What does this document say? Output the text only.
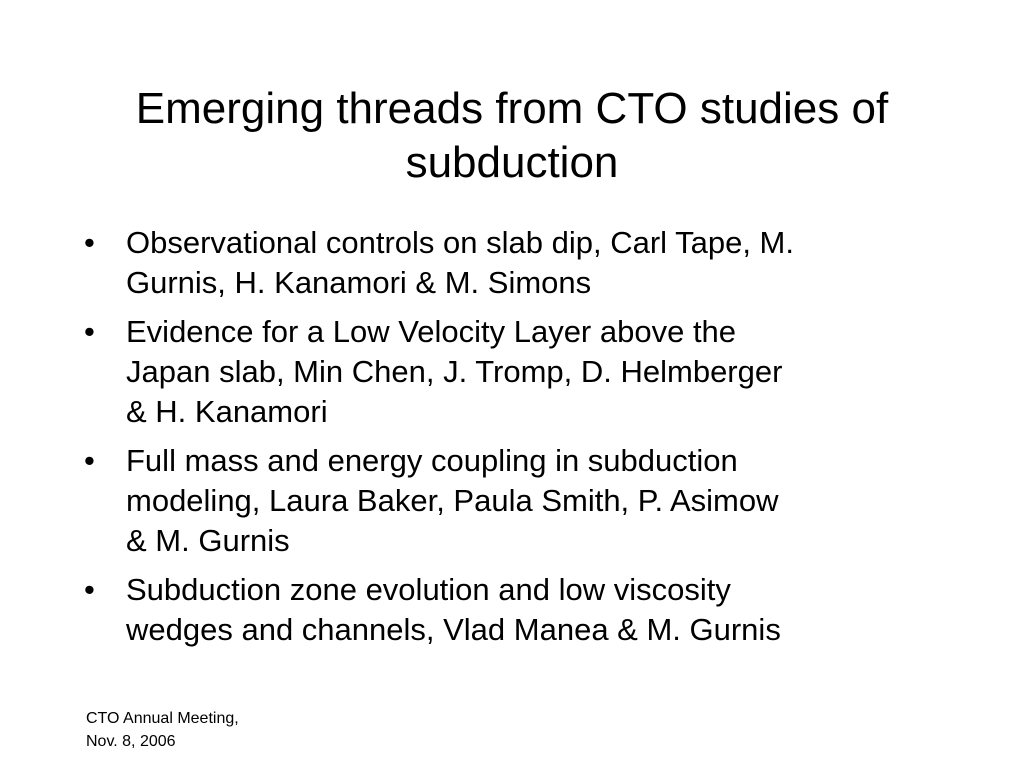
Emerging threads from CTO studies of
subduction
•	Observational controls on slab dip, Carl Tape, M.
Gurnis, H. Kanamori & M. Simons
•	Evidence for a Low Velocity Layer above the
Japan slab, Min Chen, J. Tromp, D. Helmberger
& H. Kanamori
•	Full mass and energy coupling in subduction
modeling, Laura Baker, Paula Smith, P. Asimow
& M. Gurnis
•	Subduction zone evolution and low viscosity
wedges and channels, Vlad Manea & M. Gurnis
CTO Annual Meeting,
Nov. 8, 2006
